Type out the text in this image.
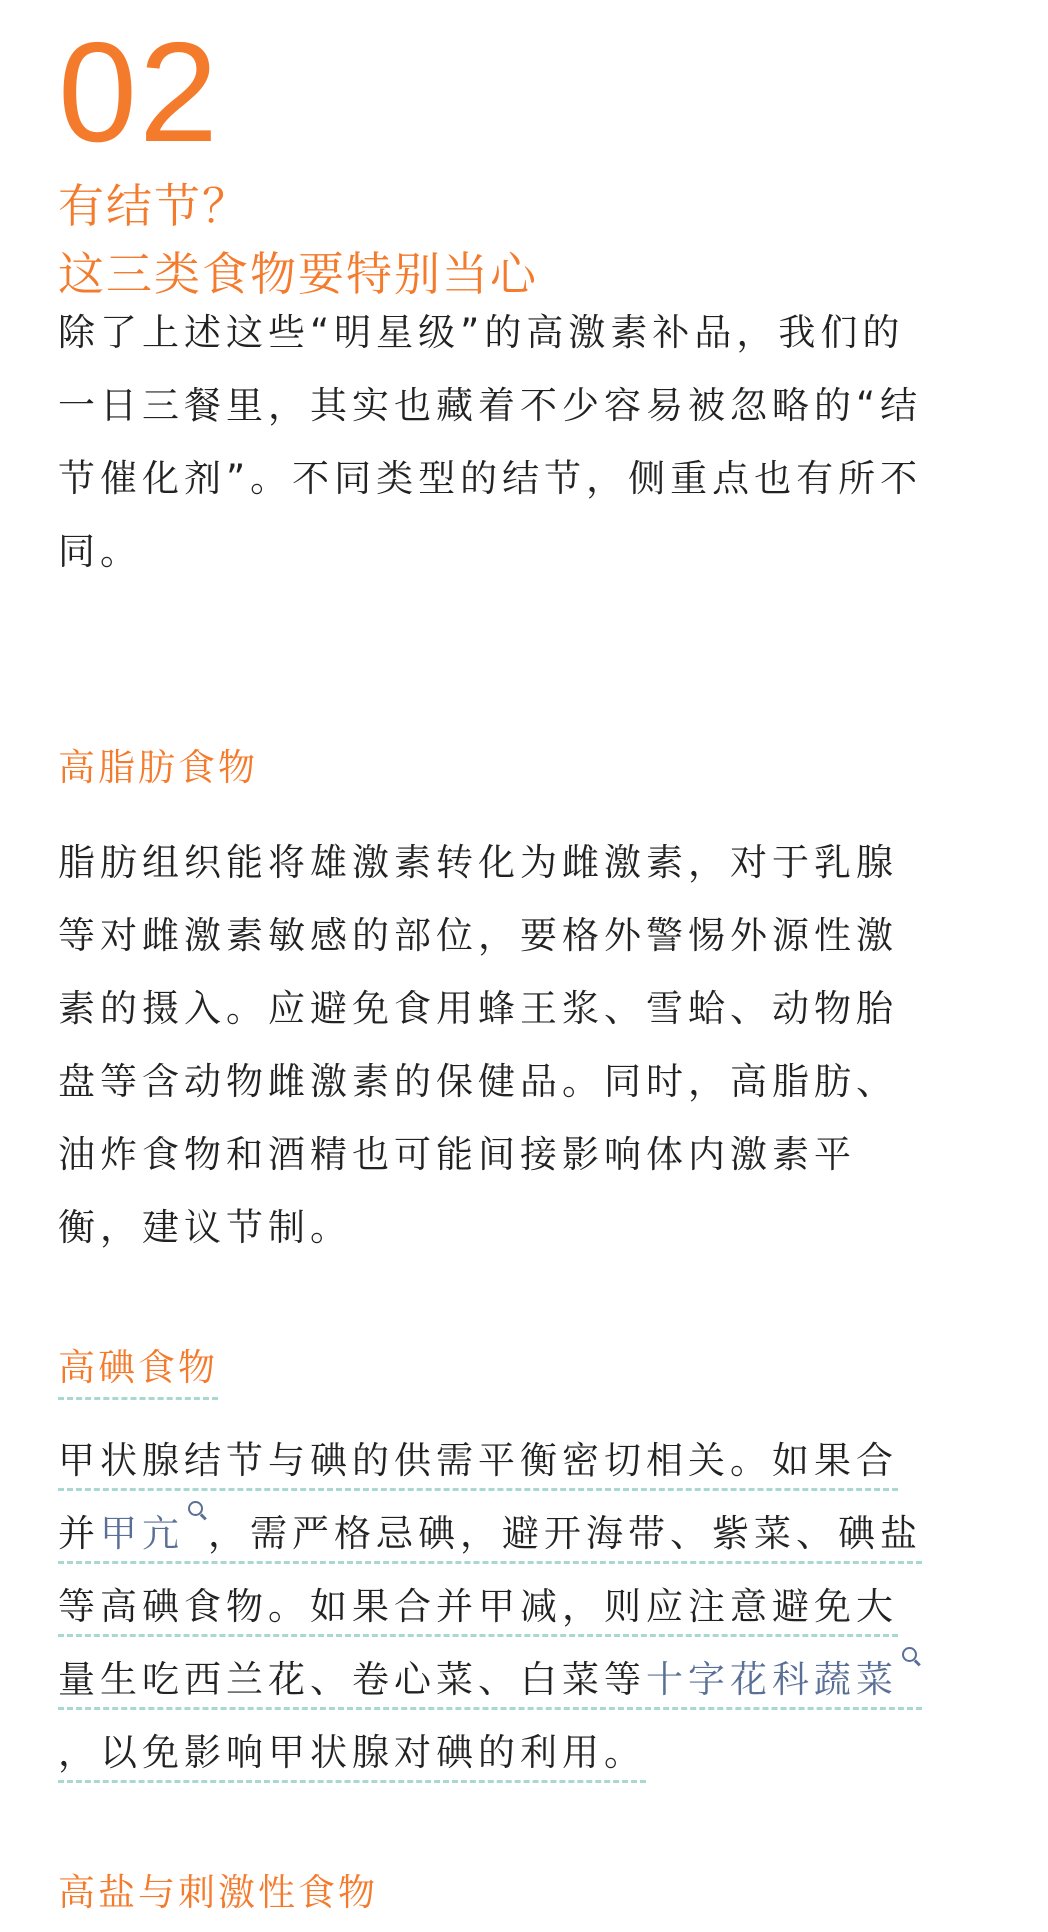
02
有结节？
这三类食物要特别当心
除了上述这些“明星级”的高激素补品，我们的
一日三餐里，其实也藏着不少容易被忽略的“结
节催化剂”。不同类型的结节，侧重点也有所不
同。
高脂肪食物
脂肪组织能将雄激素转化为雌激素，对于乳腺
等对雌激素敏感的部位，要格外警惕外源性激
素的摄入。应避免食用蜂王浆、雪蛤、动物胎
盘等含动物雌激素的保健品。同时，高脂肪、
油炸食物和酒精也可能间接影响体内激素平
衡，建议节制。
高碘食物
甲状腺结节与碘的供需平衡密切相关。如果合
并甲亢 ，需严格忌碘，避开海带、紫菜、碘盐
等高碘食物。如果合并甲减，则应注意避免大
量生吃西兰花、卷心菜、白菜等十字花科蔬菜
，以免影响甲状腺对碘的利用。
高盐与刺激性食物
